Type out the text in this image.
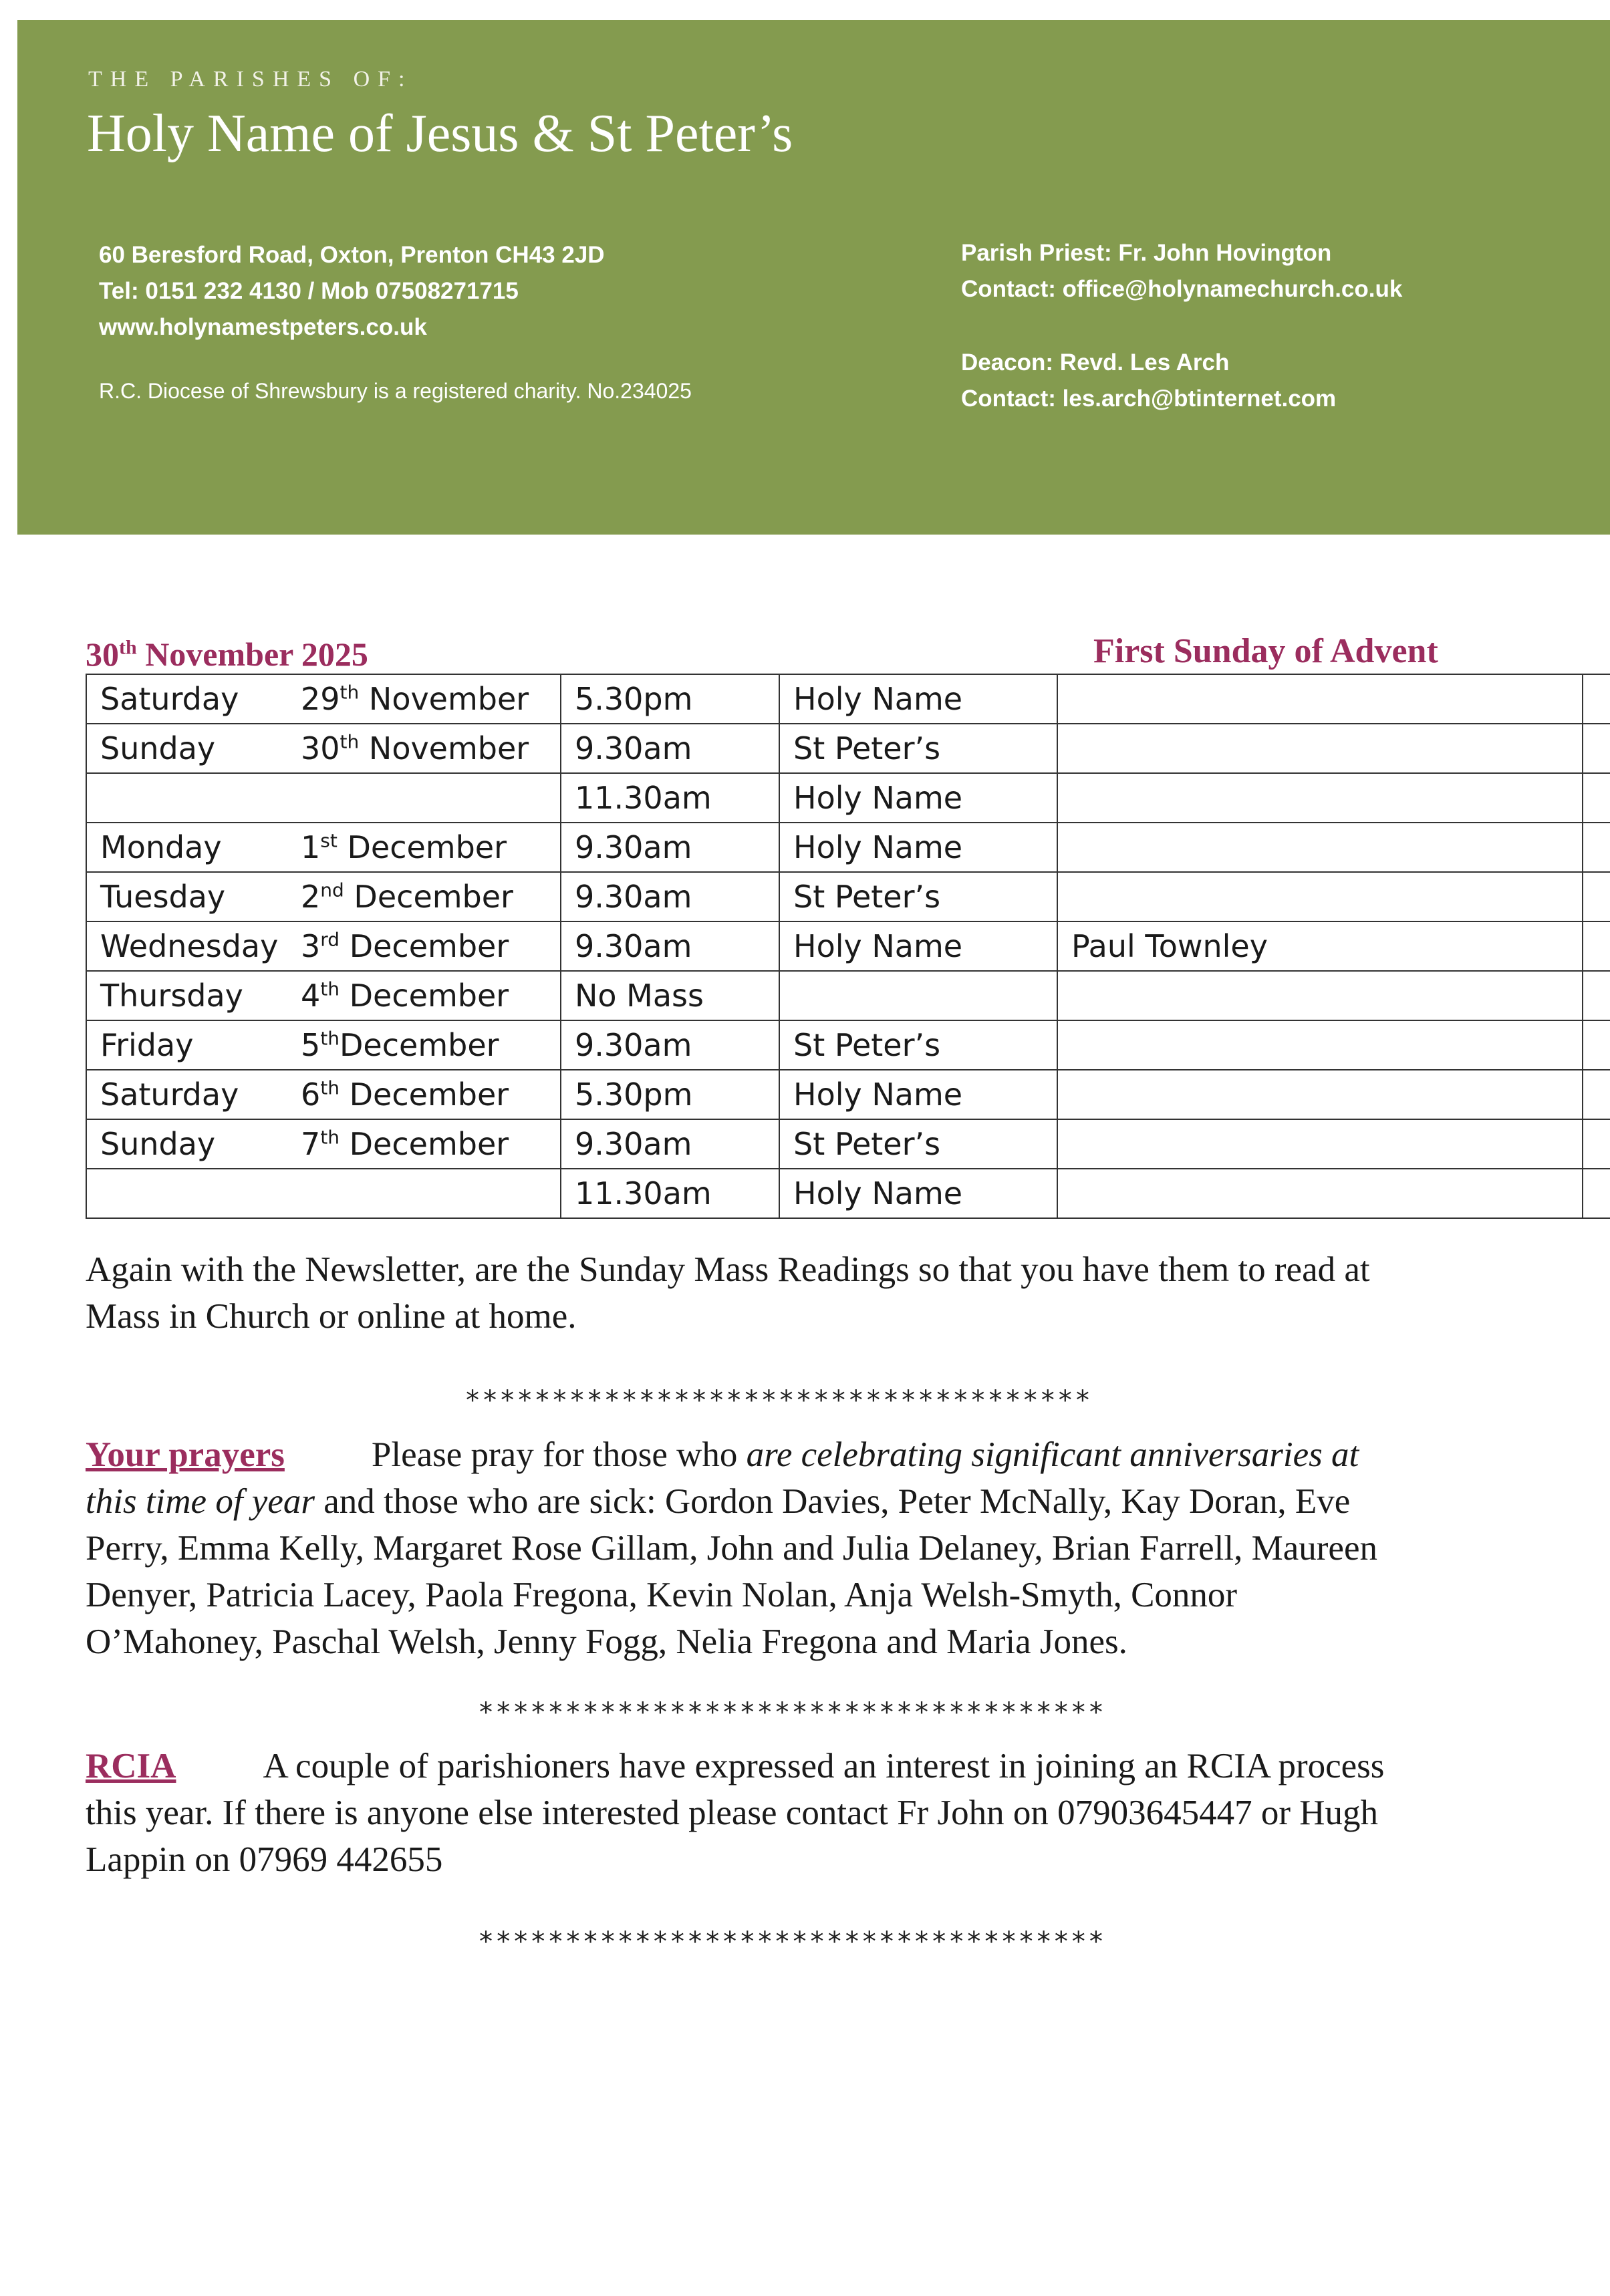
THE PARISHES OF:
Holy Name of Jesus & St Peter’s
60 Beresford Road, Oxton, Prenton CH43 2JD
Tel: 0151 232 4130 / Mob 07508271715
www.holynamestpeters.co.uk
R.C. Diocese of Shrewsbury is a registered charity. No.234025
Parish Priest: Fr. John Hovington
Contact: office@holynamechurch.co.uk
Deacon: Revd. Les Arch
Contact: les.arch@btinternet.com
30th November 2025	First Sunday of Advent
Saturday 29th November	5.30pm	Holy Name		
Sunday 30th November	9.30am	St Peter’s		
	11.30am	Holy Name		
Monday 1st December	9.30am	Holy Name		
Tuesday 2nd December	9.30am	St Peter’s		
Wednesday 3rd December	9.30am	Holy Name	Paul Townley	
Thursday 4th December	No Mass			
Friday 5thDecember	9.30am	St Peter’s		
Saturday 6th December	5.30pm	Holy Name		
Sunday 7th December	9.30am	St Peter’s		
	11.30am	Holy Name		
Again with the Newsletter, are the Sunday Mass Readings so that you have them to read at
Mass in Church or online at home.
************************************
Your prayers Please pray for those who are celebrating significant anniversaries at
this time of year and those who are sick: Gordon Davies, Peter McNally, Kay Doran, Eve
Perry, Emma Kelly, Margaret Rose Gillam, John and Julia Delaney, Brian Farrell, Maureen
Denyer, Patricia Lacey, Paola Fregona, Kevin Nolan, Anja Welsh-Smyth, Connor
O’Mahoney, Paschal Welsh, Jenny Fogg, Nelia Fregona and Maria Jones.
************************************
RCIA A couple of parishioners have expressed an interest in joining an RCIA process
this year. If there is anyone else interested please contact Fr John on 07903645447 or Hugh
Lappin on 07969 442655
************************************
